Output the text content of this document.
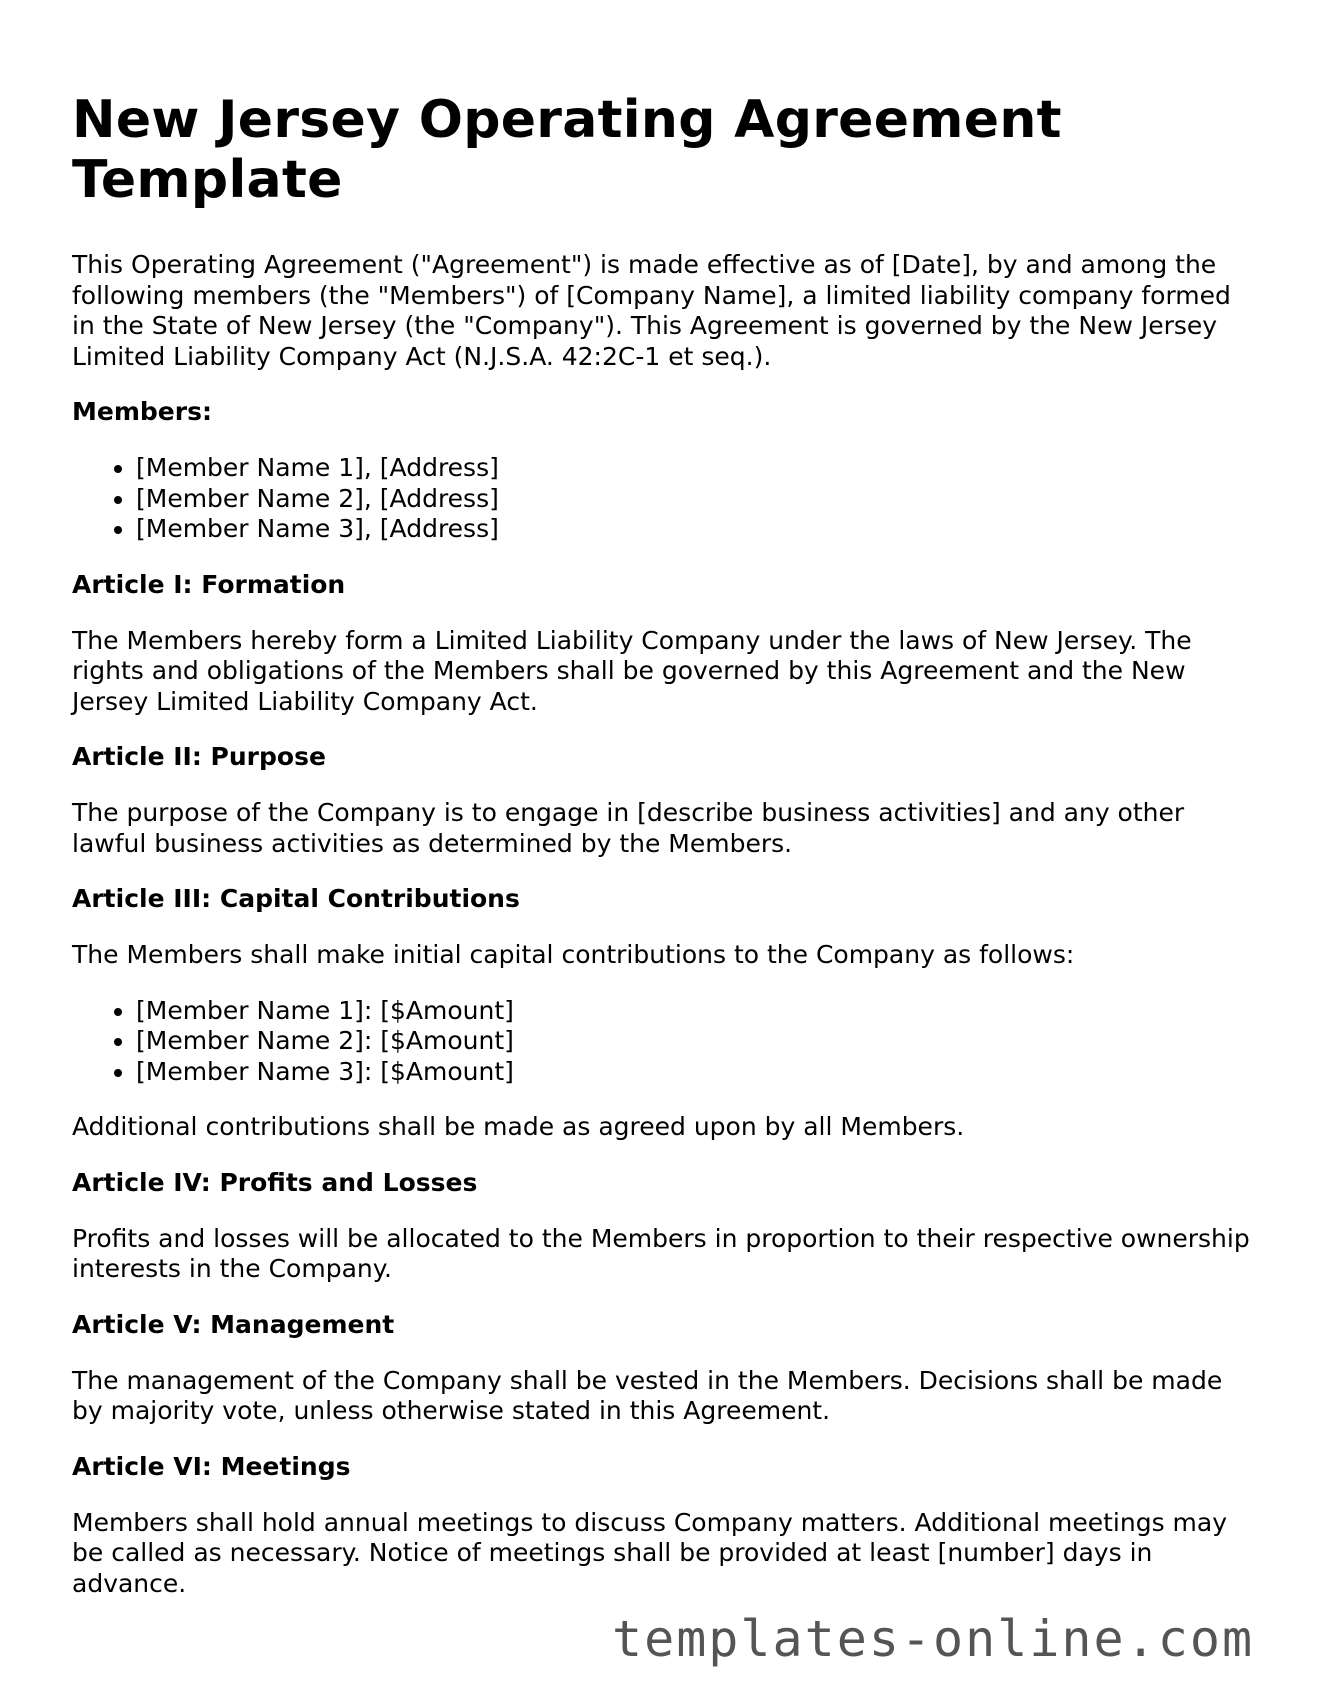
New Jersey Operating Agreement Template

This Operating Agreement ("Agreement") is made effective as of [Date], by and among the following members (the "Members") of [Company Name], a limited liability company formed in the State of New Jersey (the "Company"). This Agreement is governed by the New Jersey Limited Liability Company Act (N.J.S.A. 42:2C-1 et seq.).

Members:
• [Member Name 1], [Address]
• [Member Name 2], [Address]
• [Member Name 3], [Address]
Article I: Formation

The Members hereby form a Limited Liability Company under the laws of New Jersey. The rights and obligations of the Members shall be governed by this Agreement and the New Jersey Limited Liability Company Act.

Article II: Purpose

The purpose of the Company is to engage in [describe business activities] and any other lawful business activities as determined by the Members.

Article III: Capital Contributions

The Members shall make initial capital contributions to the Company as follows:

• [Member Name 1]: [$Amount]
• [Member Name 2]: [$Amount]
• [Member Name 3]: [$Amount]

Additional contributions shall be made as agreed upon by all Members.

Article IV: Profits and Losses

Profits and losses will be allocated to the Members in proportion to their respective ownership interests in the Company.

Article V: Management

The management of the Company shall be vested in the Members. Decisions shall be made by majority vote, unless otherwise stated in this Agreement.

Article VI: Meetings

Members shall hold annual meetings to discuss Company matters. Additional meetings may be called as necessary. Notice of meetings shall be provided at least [number] days in advance.

templates-online.com
